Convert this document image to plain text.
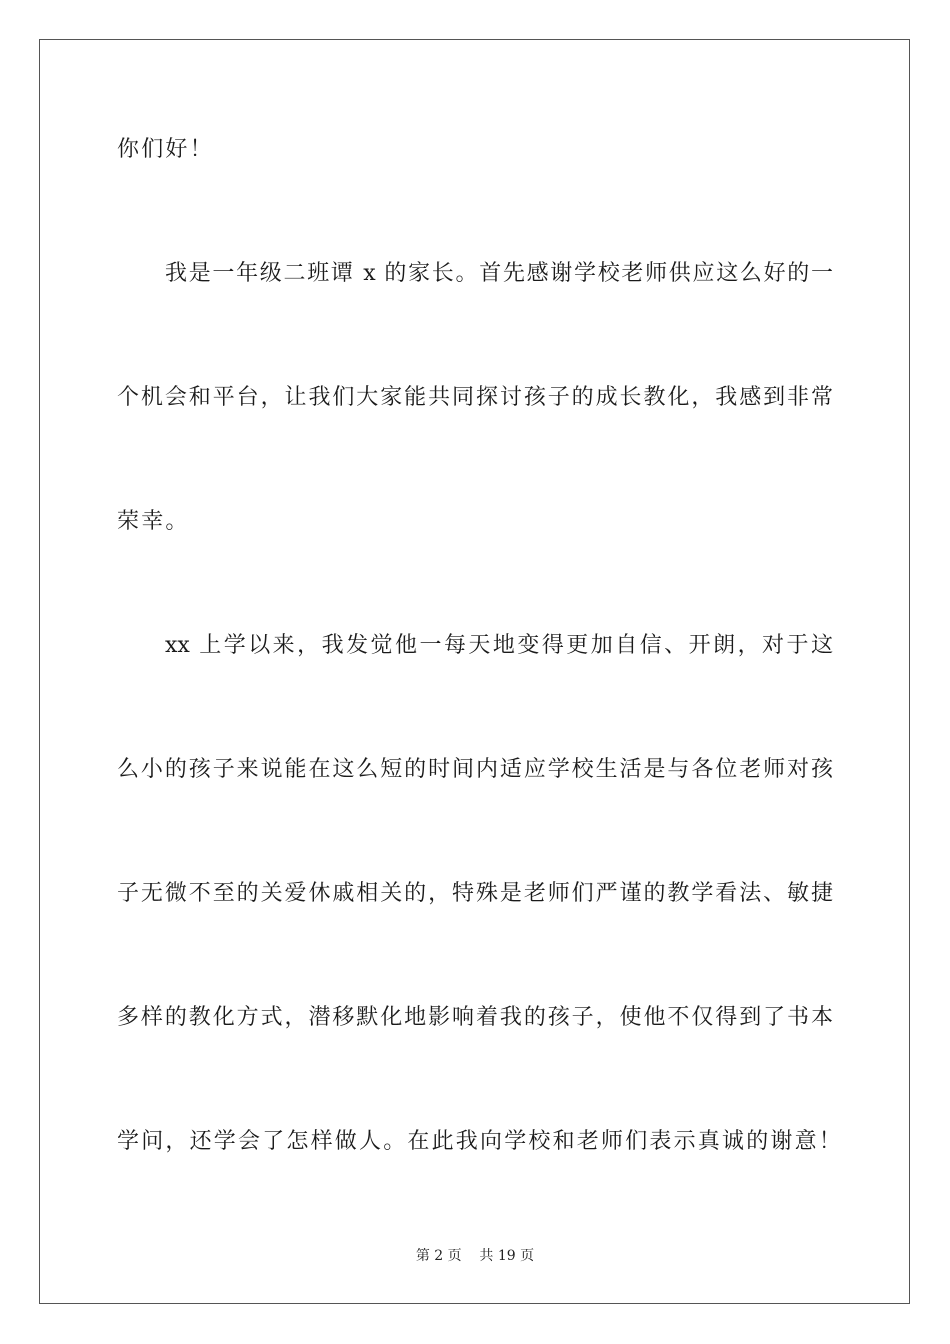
你们好！
我是一年级二班谭 x 的家长。首先感谢学校老师供应这么好的一
个机会和平台，让我们大家能共同探讨孩子的成长教化，我感到非常
荣幸。
xx 上学以来，我发觉他一每天地变得更加自信、开朗，对于这
么小的孩子来说能在这么短的时间内适应学校生活是与各位老师对孩
子无微不至的关爱休戚相关的，特殊是老师们严谨的教学看法、敏捷
多样的教化方式，潜移默化地影响着我的孩子，使他不仅得到了书本
学问，还学会了怎样做人。在此我向学校和老师们表示真诚的谢意！
第 2 页    共 19 页
